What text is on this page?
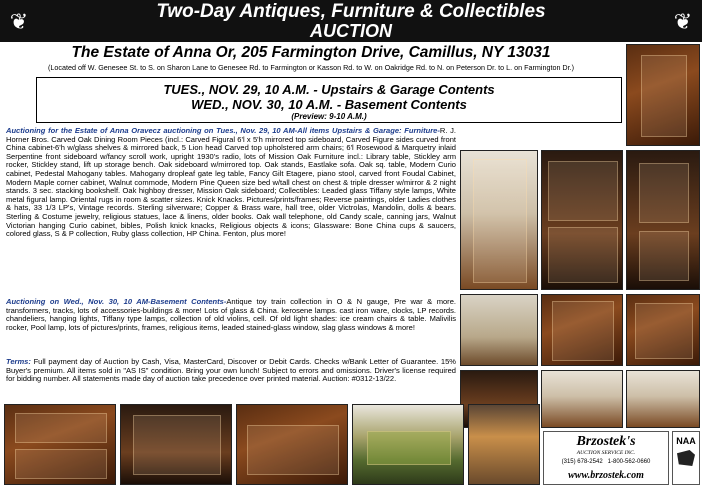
❦	Two-Day Antiques, Furniture & Collectibles
AUCTION	❦
The Estate of Anna Or, 205 Farmington Drive, Camillus, NY 13031
(Located off W. Genesee St. to S. on Sharon Lane to Genesee Rd. to Farmington or Kasson Rd. to W. on Oakridge Rd. to N. on Peterson Dr. to L. on Farmington Dr.)
TUES., NOV. 29, 10 A.M. - Upstairs & Garage Contents
WED., NOV. 30, 10 A.M. - Basement Contents
(Preview: 9-10 A.M.)
Auctioning for the Estate of Anna Oravecz auctioning on Tues., Nov. 29, 10 AM-All items Upstairs & Garage: Furniture-R. J. Horner Bros. Carved Oak Dining Room Pieces (incl.: Carved Figural 6'l x 5'h mirrored top sideboard, Carved Figure sides curved front China cabinet-6'h w/glass shelves & mirrored back, 5 Lion head Carved top upholstered arm chairs; 6'l Rosewood & Marquetry inlaid Serpentine front sideboard w/fancy scroll work, upright 1930's radio, lots of Mission Oak Furniture incl.: Library table, Stickley arm rocker, Stickley stand, lift up storage bench. Oak sideboard w/mirrored top. Oak stands, Eastlake sofa. Oak sq. table, Modern Curio cabinet, Pedestal Mahogany tables. Mahogany dropleaf gate leg table, Fancy Gilt Etagere, piano stool, carved front Foudal Cabinet, Modern Maple corner cabinet, Walnut commode, Modern Pine Queen size bed w/tall chest on chest & triple dresser w/mirror & 2 night stands. 3 sec. stacking bookshelf. Oak highboy dresser, Mission Oak sideboard; Collectibles: Leaded glass Tiffany style lamps, White metal figural lamp. Oriental rugs in room & scatter sizes. Knick Knacks. Pictures/prints/frames; Reverse paintings, older Ladies clothes & hats, 33 1/3 LP's, Vintage records. Sterling silverware; Copper & Brass ware, hall tree, older Victrolas, Mandolin, dolls & bears. Sterling & Costume jewelry, religious statues, lace & linens, older books. Oak wall telephone, old Candy scale, canning jars, Walnut Victorian hanging Curio cabinet, bibles, Polish knick knacks, Religious objects & icons; Glassware: Bone China cups & saucers, colored glass, S & P collection, Ruby glass collection, HP China. Fenton, plus more!
Auctioning on Wed., Nov. 30, 10 AM-Basement Contents-Antique toy train collection in O & N gauge, Pre war & more. transformers, tracks, lots of accessories-buildings & more! Lots of glass & China. kerosene lamps. cast iron ware, clocks, LP records. chandeliers, hanging lights, Tiffany type lamps, collection of old violins, cell. Of old light shades: ice cream chairs & table. Malivilis rocker, Pool lamp, lots of pictures/prints, frames, religious items, leaded stained-glass window, slag glass windows & more!
Terms: Full payment day of Auction by Cash, Visa, MasterCard, Discover or Debit Cards. Checks w/Bank Letter of Guarantee. 15% Buyer's premium. All items sold in "AS IS" condition. Bring your own lunch! Subject to errors and omissions. Driver's license required for bidding number. All statements made day of auction take precedence over printed material. Auction: #0312-13/22.
Brzostek's
AUCTION SERVICE INC.
(315) 678-2542 1-800-562-0660
www.brzostek.com
NAA
